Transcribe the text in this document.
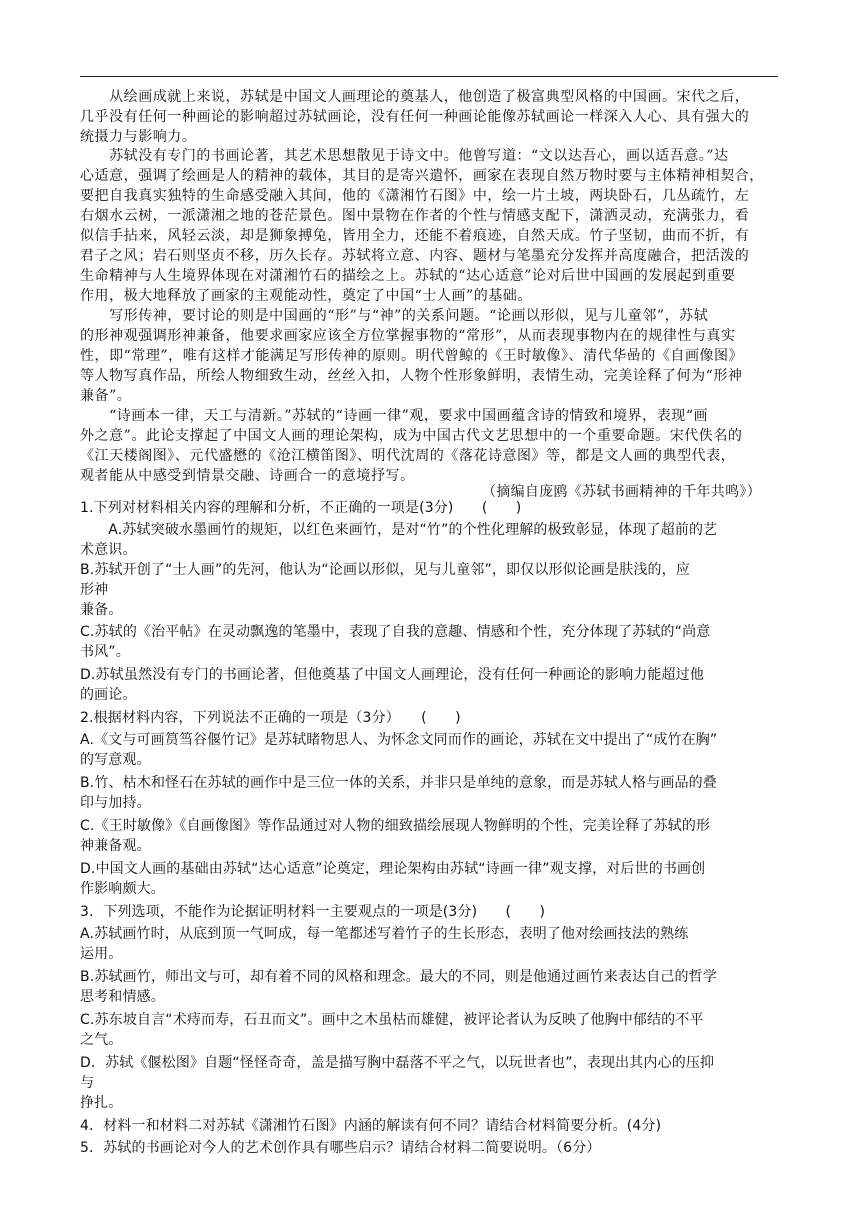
　　从绘画成就上来说，苏轼是中国文人画理论的奠基人，他创造了极富典型风格的中国画。宋代之后，
几乎没有任何一种画论的影响超过苏轼画论，没有任何一种画论能像苏轼画论一样深入人心、具有强大的
统摄力与影响力。
　　苏轼没有专门的书画论著，其艺术思想散见于诗文中。他曾写道：“文以达吾心，画以适吾意。”达
心适意，强调了绘画是人的精神的载体，其目的是寄兴遣怀，画家在表现自然万物时要与主体精神相契合，
要把自我真实独特的生命感受融入其间，他的《潇湘竹石图》中，绘一片土坡，两块卧石，几丛疏竹，左
右烟水云树，一派潇湘之地的苍茫景色。图中景物在作者的个性与情感支配下，潇洒灵动，充满张力，看
似信手拈来，风轻云淡，却是狮象搏兔，皆用全力，还能不着痕迹，自然天成。竹子坚韧，曲而不折，有
君子之风；岩石则坚贞不移，历久长存。苏轼将立意、内容、题材与笔墨充分发挥并高度融合，把活泼的
生命精神与人生境界体现在对潇湘竹石的描绘之上。苏轼的“达心适意”论对后世中国画的发展起到重要
作用，极大地释放了画家的主观能动性，奠定了中国“士人画”的基础。
　　写形传神，要讨论的则是中国画的“形”与“神”的关系问题。“论画以形似，见与儿童邻”，苏轼
的形神观强调形神兼备，他要求画家应该全方位掌握事物的“常形”，从而表现事物内在的规律性与真实
性，即“常理”，唯有这样才能满足写形传神的原则。明代曾鲸的《王时敏像》、清代华喦的《自画像图》
等人物写真作品，所绘人物细致生动，丝丝入扣，人物个性形象鲜明，表情生动，完美诠释了何为“形神
兼备”。
　　“诗画本一律，天工与清新。”苏轼的“诗画一律”观，要求中国画蕴含诗的情致和境界，表现“画
外之意”。此论支撑起了中国文人画的理论架构，成为中国古代文艺思想中的一个重要命题。宋代佚名的
《江天楼阁图》、元代盛懋的《沧江横笛图》、明代沈周的《落花诗意图》等，都是文人画的典型代表，
观者能从中感受到情景交融、诗画合一的意境抒写。
（摘编自庞鸥《苏轼书画精神的千年共鸣》）
1.下列对材料相关内容的理解和分析，不正确的一项是(3分)　　(　　)
　　A.苏轼突破水墨画竹的规矩，以红色来画竹，是对“竹”的个性化理解的极致彰显，体现了超前的艺
术意识。
B.苏轼开创了“士人画”的先河，他认为“论画以形似，见与儿童邻”，即仅以形似论画是肤浅的，应
形神
兼备。
C.苏轼的《治平帖》在灵动飘逸的笔墨中，表现了自我的意趣、情感和个性，充分体现了苏轼的“尚意
书风”。
D.苏轼虽然没有专门的书画论著，但他奠基了中国文人画理论，没有任何一种画论的影响力能超过他
的画论。
2.根据材料内容，下列说法不正确的一项是（3分）　　(　　)
A.《文与可画筼筜谷偃竹记》是苏轼睹物思人、为怀念文同而作的画论，苏轼在文中提出了“成竹在胸”
的写意观。
B.竹、枯木和怪石在苏轼的画作中是三位一体的关系，并非只是单纯的意象，而是苏轼人格与画品的叠
印与加持。
C.《王时敏像》《自画像图》等作品通过对人物的细致描绘展现人物鲜明的个性，完美诠释了苏轼的形
神兼备观。
D.中国文人画的基础由苏轼“达心适意”论奠定，理论架构由苏轼“诗画一律”观支撑，对后世的书画创
作影响颇大。
3．下列选项，不能作为论据证明材料一主要观点的一项是(3分)　　(　　)
A.苏轼画竹时，从底到顶一气呵成，每一笔都述写着竹子的生长形态，表明了他对绘画技法的熟练
运用。
B.苏轼画竹，师出文与可，却有着不同的风格和理念。最大的不同，则是他通过画竹来表达自己的哲学
思考和情感。
C.苏东坡自言“术痔而寿，石丑而文”。画中之木虽枯而雄健，被评论者认为反映了他胸中郁结的不平
之气。
D．苏轼《偃松图》自题“怪怪奇奇，盖是描写胸中磊落不平之气，以玩世者也”，表现出其内心的压抑
与
挣扎。
4．材料一和材料二对苏轼《潇湘竹石图》内涵的解读有何不同？请结合材料简要分析。(4分)
5．苏轼的书画论对今人的艺术创作具有哪些启示？请结合材料二简要说明。（6分）
